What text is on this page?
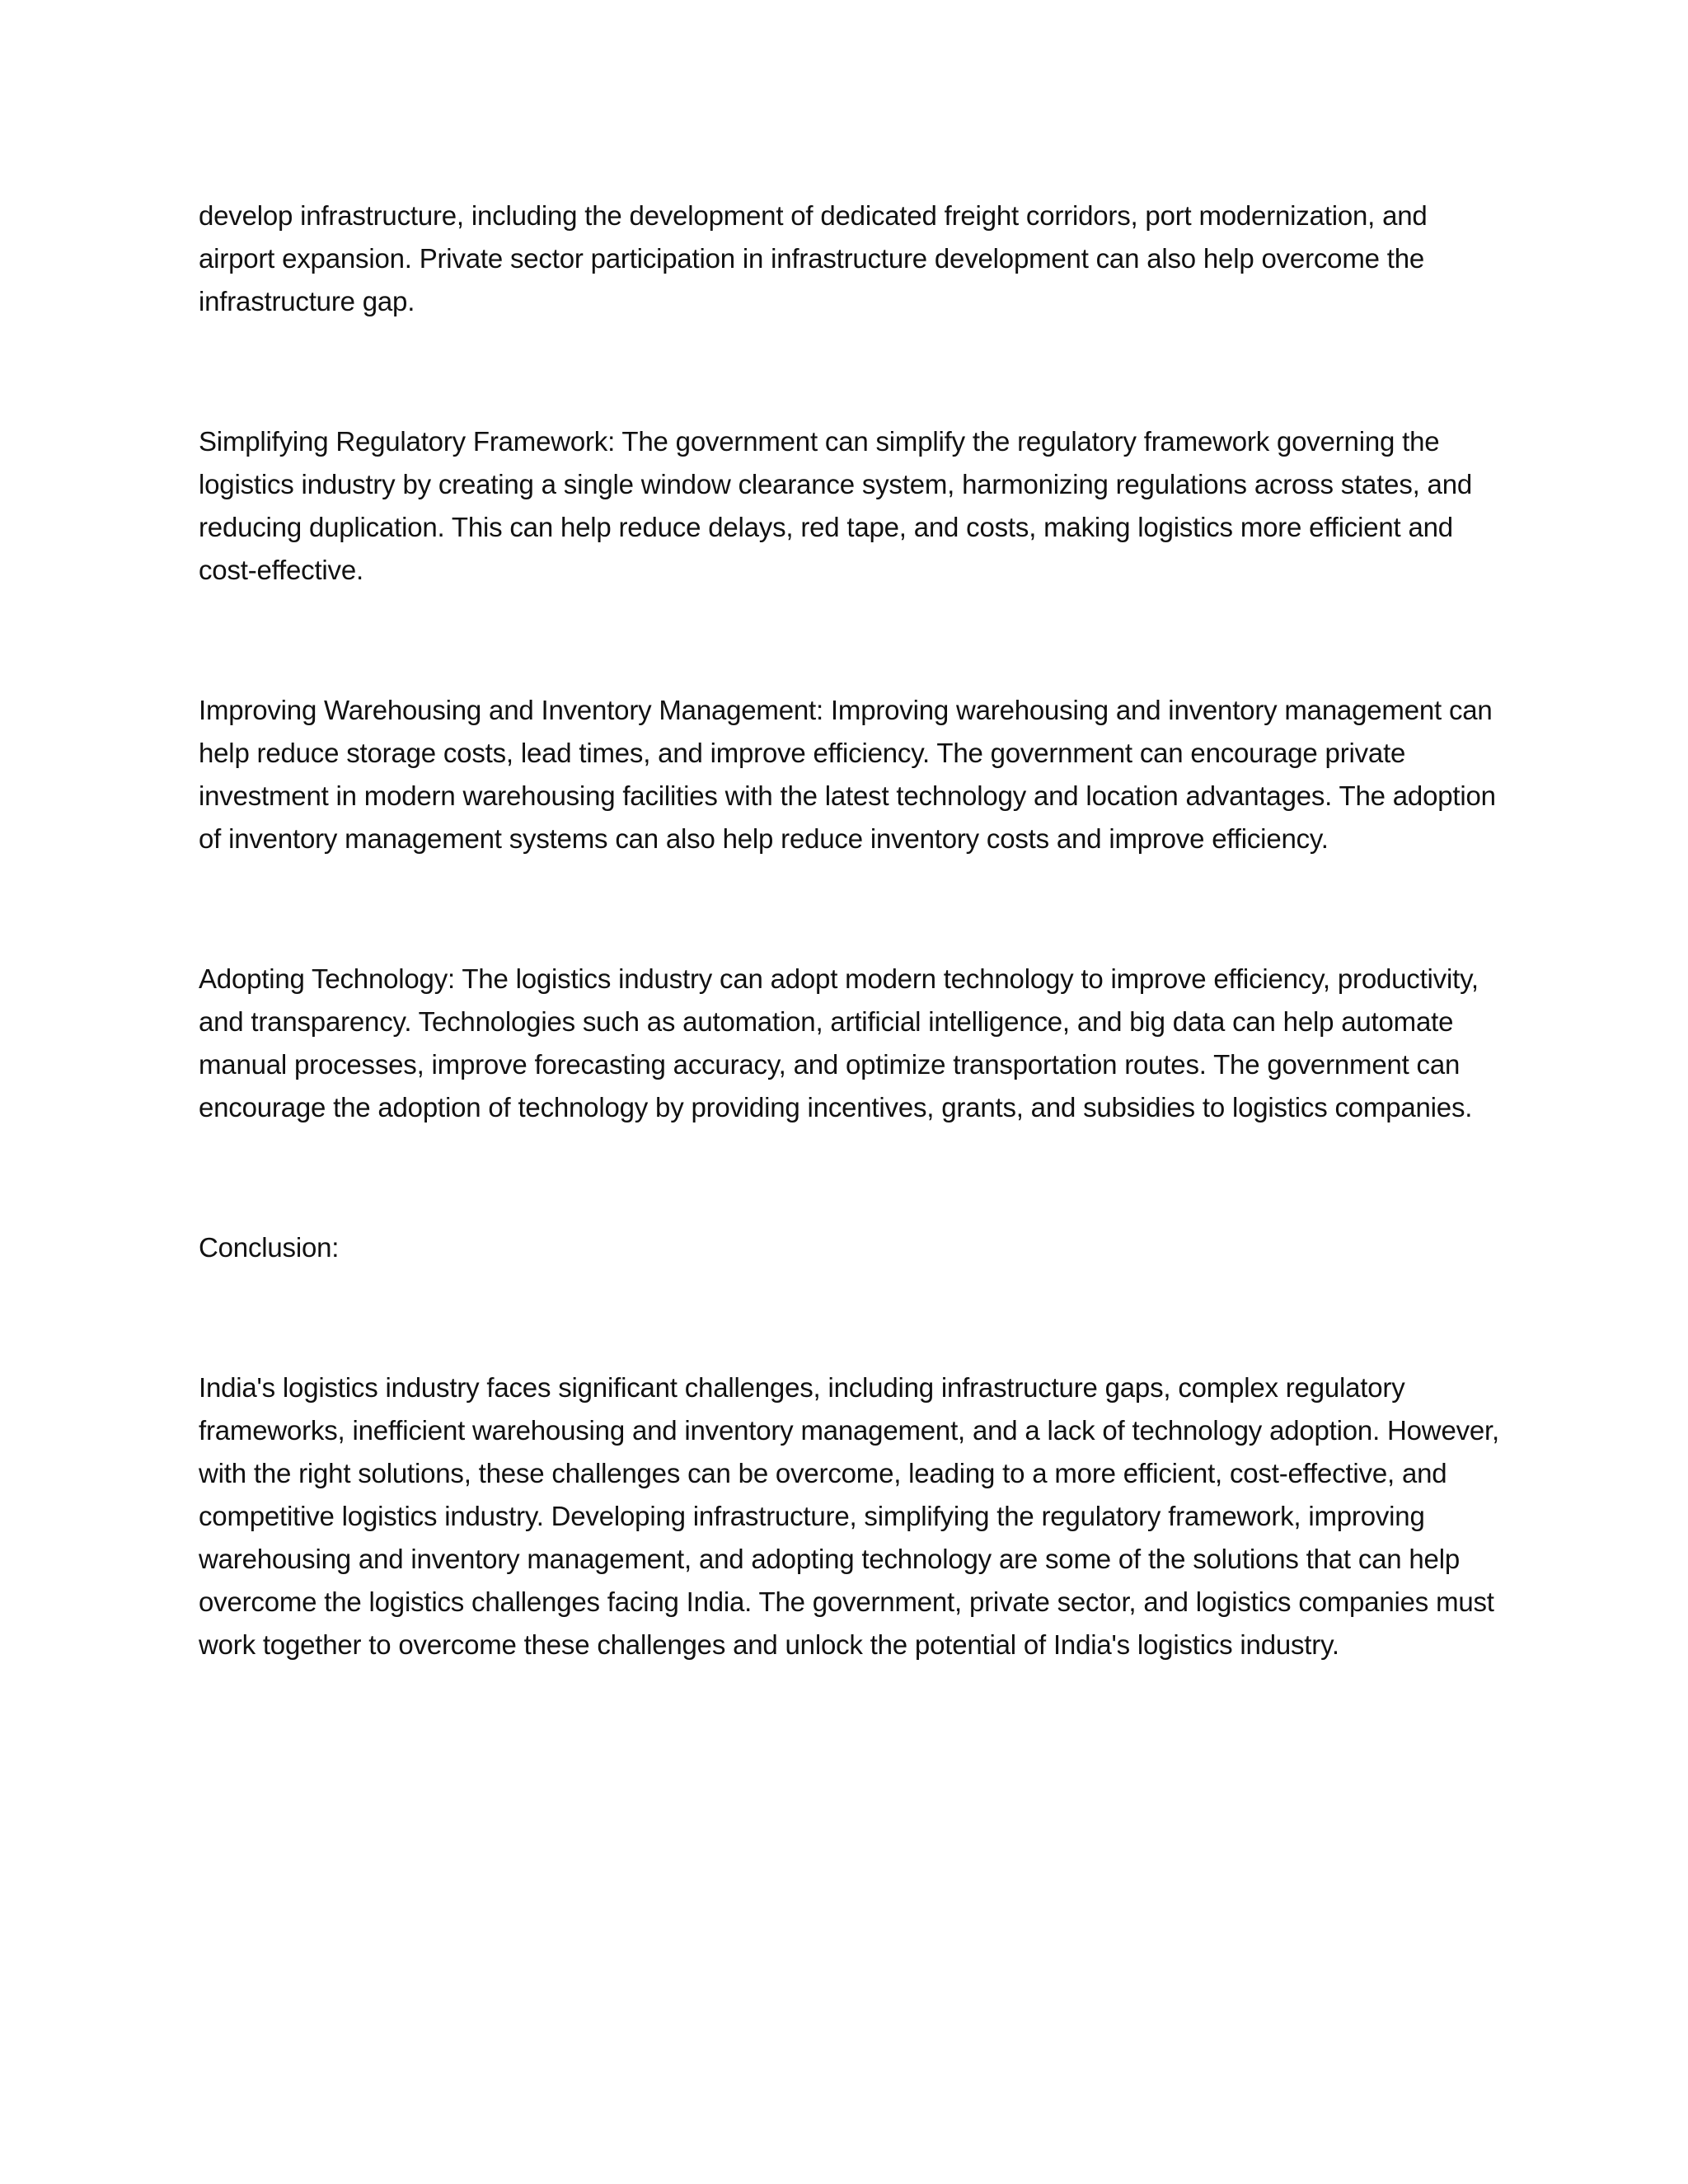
develop infrastructure, including the development of dedicated freight corridors, port modernization, and airport expansion. Private sector participation in infrastructure development can also help overcome the infrastructure gap.

Simplifying Regulatory Framework: The government can simplify the regulatory framework governing the logistics industry by creating a single window clearance system, harmonizing regulations across states, and reducing duplication. This can help reduce delays, red tape, and costs, making logistics more efficient and cost-effective.

Improving Warehousing and Inventory Management: Improving warehousing and inventory management can help reduce storage costs, lead times, and improve efficiency. The government can encourage private investment in modern warehousing facilities with the latest technology and location advantages. The adoption of inventory management systems can also help reduce inventory costs and improve efficiency.

Adopting Technology: The logistics industry can adopt modern technology to improve efficiency, productivity, and transparency. Technologies such as automation, artificial intelligence, and big data can help automate manual processes, improve forecasting accuracy, and optimize transportation routes. The government can encourage the adoption of technology by providing incentives, grants, and subsidies to logistics companies.

Conclusion:

India's logistics industry faces significant challenges, including infrastructure gaps, complex regulatory frameworks, inefficient warehousing and inventory management, and a lack of technology adoption. However, with the right solutions, these challenges can be overcome, leading to a more efficient, cost-effective, and competitive logistics industry. Developing infrastructure, simplifying the regulatory framework, improving warehousing and inventory management, and adopting technology are some of the solutions that can help overcome the logistics challenges facing India. The government, private sector, and logistics companies must work together to overcome these challenges and unlock the potential of India's logistics industry.
